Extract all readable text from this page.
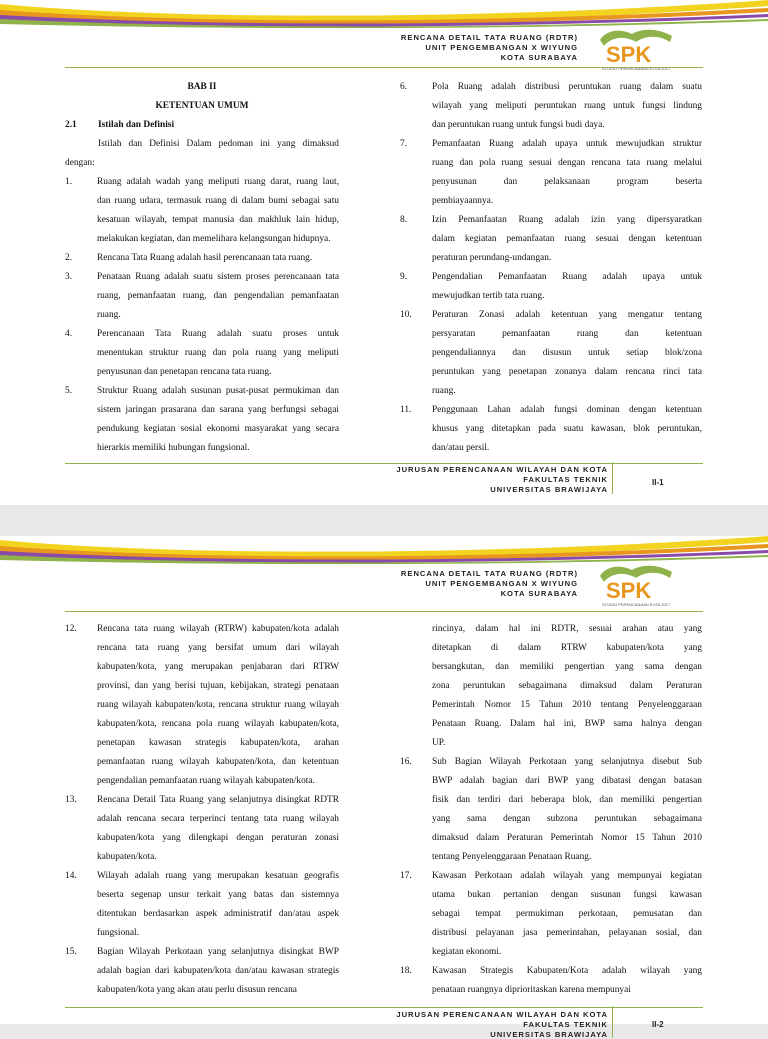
RENCANA DETAIL TATA RUANG (RDTR)
UNIT PENGEMBANGAN X WIYUNG
KOTA SURABAYA SPK
STUDIO PERENCANAAN KOTA 2017
BAB II
KETENTUAN UMUM
2.1	Istilah dan Definisi
Istilah dan Definisi Dalam pedoman ini yang dimaksud
dengan:
1.	Ruang adalah wadah yang meliputi ruang darat, ruang laut,
dan ruang udara, termasuk ruang di dalam bumi sebagai satu
kesatuan wilayah, tempat manusia dan makhluk lain hidup,
melakukan kegiatan, dan memelihara kelangsungan hidupnya.
2.	Rencana Tata Ruang adalah hasil perencanaan tata ruang.
3.	Penataan Ruang adalah suatu sistem proses perencanaan tata
ruang, pemanfaatan ruang, dan pengendalian pemanfaatan
ruang.
4.	Perencanaan Tata Ruang adalah suatu proses untuk
menentukan struktur ruang dan pola ruang yang meliputi
penyusunan dan penetapan rencana tata ruang.
5.	Struktur Ruang adalah susunan pusat-pusat permukiman dan
sistem jaringan prasarana dan sarana yang berfungsi sebagai
pendukung kegiatan sosial ekonomi masyarakat yang secara
hierarkis memiliki hubungan fungsional.
6.	Pola Ruang adalah distribusi peruntukan ruang dalam suatu
wilayah yang meliputi peruntukan ruang untuk fungsi lindung
dan peruntukan ruang untuk fungsi budi daya.
7.	Pemanfaatan Ruang adalah upaya untuk mewujudkan struktur
ruang dan pola ruang sesuai dengan rencana tata ruang melalui
penyusunan dan pelaksanaan program beserta
pembiayaannya.
8.	Izin Pemanfaatan Ruang adalah izin yang dipersyaratkan
dalam kegiatan pemanfaatan ruang sesuai dengan ketentuan
peraturan perundang-undangan.
9.	Pengendalian Pemanfaatan Ruang adalah upaya untuk
mewujudkan tertib tata ruang.
10.	Peraturan Zonasi adalah ketentuan yang mengatur tentang
persyaratan pemanfaatan ruang dan ketentuan
pengendaliannya dan disusun untuk setiap blok/zona
peruntukan yang penetapan zonanya dalam rencana rinci tata
ruang.
11.	Penggunaan Lahan adalah fungsi dominan dengan ketentuan
khusus yang ditetapkan pada suatu kawasan, blok peruntukan,
dan/atau persil.
JURUSAN PERENCANAAN WILAYAH DAN KOTA
FAKULTAS TEKNIK
UNIVERSITAS BRAWIJAYA
II-1
RENCANA DETAIL TATA RUANG (RDTR)
UNIT PENGEMBANGAN X WIYUNG
KOTA SURABAYA SPK
STUDIO PERENCANAAN KOTA 2017
12.	Rencana tata ruang wilayah (RTRW) kabupaten/kota adalah
rencana tata ruang yang bersifat umum dari wilayah
kabupaten/kota, yang merupakan penjabaran dari RTRW
provinsi, dan yang berisi tujuan, kebijakan, strategi penataan
ruang wilayah kabupaten/kota, rencana struktur ruang wilayah
kabupaten/kota, rencana pola ruang wilayah kabupaten/kota,
penetapan kawasan strategis kabupaten/kota, arahan
pemanfaatan ruang wilayah kabupaten/kota, dan ketentuan
pengendalian pemanfaatan ruang wilayah kabupaten/kota.
13.	Rencana Detail Tata Ruang yang selanjutnya disingkat RDTR
adalah rencana secara terperinci tentang tata ruang wilayah
kabupaten/kota yang dilengkapi dengan peraturan zonasi
kabupaten/kota.
14.	Wilayah adalah ruang yang merupakan kesatuan geografis
beserta segenap unsur terkait yang batas dan sistemnya
ditentukan berdasarkan aspek administratif dan/atau aspek
fungsional.
15.	Bagian Wilayah Perkotaan yang selanjutnya disingkat BWP
adalah bagian dari kabupaten/kota dan/atau kawasan strategis
kabupaten/kota yang akan atau perlu disusun rencana
rincinya, dalam hal ini RDTR, sesuai arahan atau yang
ditetapkan di dalam RTRW kabupaten/kota yang
bersangkutan, dan memiliki pengertian yang sama dengan
zona peruntukan sebagaimana dimaksud dalam Peraturan
Pemerintah Nomor 15 Tahun 2010 tentang Penyelenggaraan
Penataan Ruang. Dalam hal ini, BWP sama halnya dengan
UP.
16.	Sub Bagian Wilayah Perkotaan yang selanjutnya disebut Sub
BWP adalah bagian dari BWP yang dibatasi dengan batasan
fisik dan terdiri dari beberapa blok, dan memiliki pengertian
yang sama dengan subzona peruntukan sebagaimana
dimaksud dalam Peraturan Pemerintah Nomor 15 Tahun 2010
tentang Penyelenggaraan Penataan Ruang.
17.	Kawasan Perkotaan adalah wilayah yang mempunyai kegiatan
utama bukan pertanian dengan susunan fungsi kawasan
sebagai tempat permukiman perkotaan, pemusatan dan
distribusi pelayanan jasa pemerintahan, pelayanan sosial, dan
kegiatan ekonomi.
18.	Kawasan Strategis Kabupaten/Kota adalah wilayah yang
penataan ruangnya diprioritaskan karena mempunyai
JURUSAN PERENCANAAN WILAYAH DAN KOTA
FAKULTAS TEKNIK
UNIVERSITAS BRAWIJAYA
II-2
